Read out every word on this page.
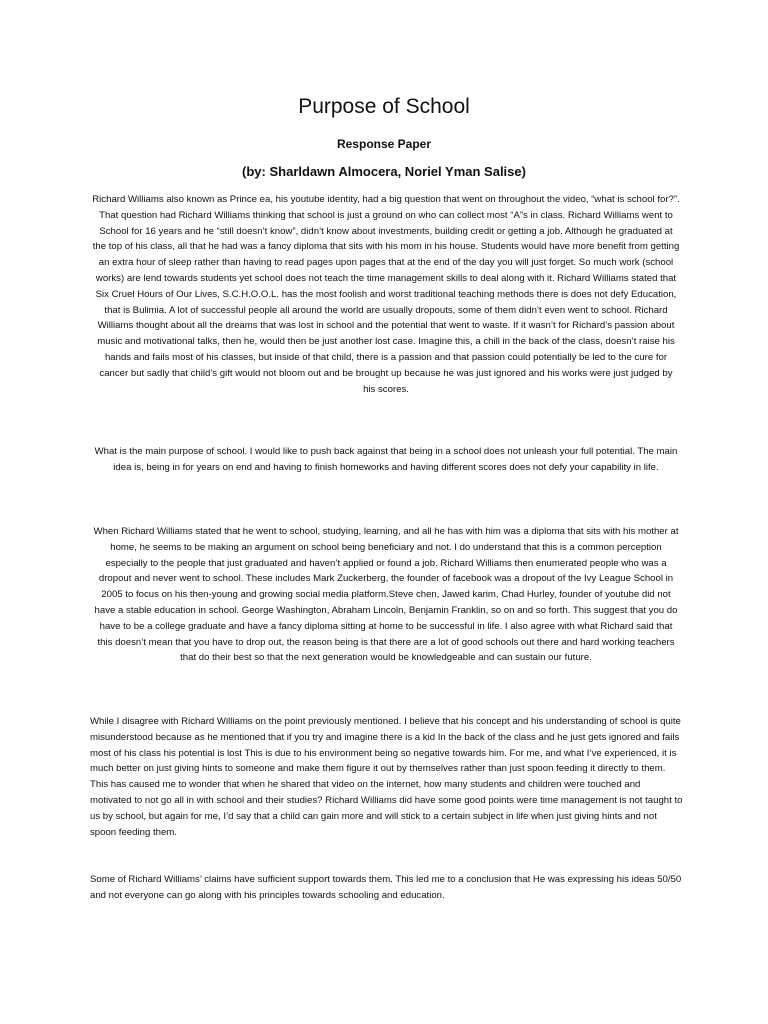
Purpose of School
Response Paper
(by: Sharldawn Almocera, Noriel Yman Salise)

Richard Williams also known as Prince ea, his youtube identity, had a big question that went on throughout the video, “what is school for?”. That question had Richard Williams thinking that school is just a ground on who can collect most “A”s in class. Richard Williams went to School for 16 years and he “still doesn’t know”, didn’t know about investments, building credit or getting a job. Although he graduated at the top of his class, all that he had was a fancy diploma that sits with his mom in his house. Students would have more benefit from getting an extra hour of sleep rather than having to read pages upon pages that at the end of the day you will just forget. So much work (school works) are lend towards students yet school does not teach the time management skills to deal along with it. Richard Williams stated that Six Cruel Hours of Our Lives, S.C.H.O.O.L. has the most foolish and worst traditional teaching methods there is does not defy Education, that is Bulimia. A lot of successful people all around the world are usually dropouts, some of them didn’t even went to school. Richard Williams thought about all the dreams that was lost in school and the potential that went to waste. If it wasn’t for Richard’s passion about music and motivational talks, then he, would then be just another lost case. Imagine this, a chill in the back of the class, doesn’t raise his hands and fails most of his classes, but inside of that child, there is a passion and that passion could potentially be led to the cure for cancer but sadly that child’s gift would not bloom out and be brought up because he was just ignored and his works were just judged by his scores.

What is the main purpose of school. I would like to push back against that being in a school does not unleash your full potential. The main idea is, being in for years on end and having to finish homeworks and having different scores does not defy your capability in life.

When Richard Williams stated that he went to school, studying, learning, and all he has with him was a diploma that sits with his mother at home, he seems to be making an argument on school being beneficiary and not. I do understand that this is a common perception especially to the people that just graduated and haven’t applied or found a job. Richard Williams then enumerated people who was a dropout and never went to school. These includes Mark Zuckerberg, the founder of facebook was a dropout of the Ivy League School in 2005 to focus on his then-young and growing social media platform.Steve chen, Jawed karim, Chad Hurley, founder of youtube did not have a stable education in school. George Washington, Abraham Lincoln, Benjamin Franklin, so on and so forth. This suggest that you do have to be a college graduate and have a fancy diploma sitting at home to be successful in life. I also agree with what Richard said that this doesn’t mean that you have to drop out, the reason being is that there are a lot of good schools out there and hard working teachers that do their best so that the next generation would be knowledgeable and can sustain our future.

While I disagree with Richard Williams on the point previously mentioned. I believe that his concept and his understanding of school is quite misunderstood because as he mentioned that if you try and imagine there is a kid In the back of the class and he just gets ignored and fails most of his class his potential is lost This is due to his environment being so negative towards him. For me, and what I’ve experienced, it is much better on just giving hints to someone and make them figure it out by themselves rather than just spoon feeding it directly to them. This has caused me to wonder that when he shared that video on the internet, how many students and children were touched and motivated to not go all in with school and their studies? Richard Williams did have some good points were time management is not taught to us by school, but again for me, I’d say that a child can gain more and will stick to a certain subject in life when just giving hints and not spoon feeding them.

Some of Richard Williams’ claims have sufficient support towards them. This led me to a conclusion that He was expressing his ideas 50/50 and not everyone can go along with his principles towards schooling and education.
